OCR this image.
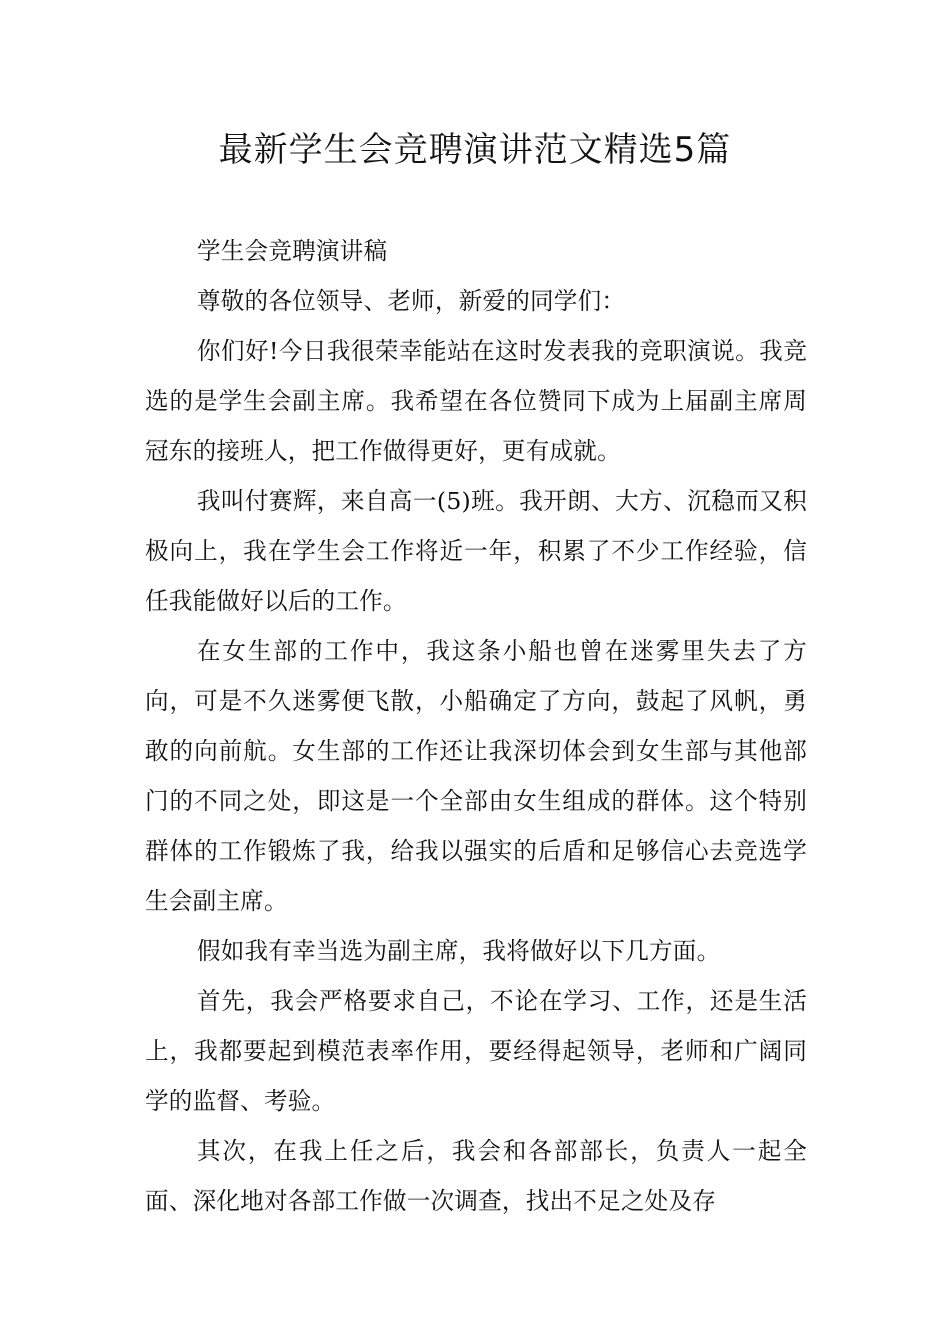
最新学生会竞聘演讲范文精选5篇

学生会竞聘演讲稿

尊敬的各位领导、老师，新爱的同学们：

你们好!今日我很荣幸能站在这时发表我的竞职演说。我竞选的是学生会副主席。我希望在各位赞同下成为上届副主席周冠东的接班人，把工作做得更好，更有成就。

我叫付赛辉，来自高一(5)班。我开朗、大方、沉稳而又积极向上，我在学生会工作将近一年，积累了不少工作经验，信任我能做好以后的工作。

在女生部的工作中，我这条小船也曾在迷雾里失去了方向，可是不久迷雾便飞散，小船确定了方向，鼓起了风帆，勇敢的向前航。女生部的工作还让我深切体会到女生部与其他部门的不同之处，即这是一个全部由女生组成的群体。这个特别群体的工作锻炼了我，给我以强实的后盾和足够信心去竞选学生会副主席。

假如我有幸当选为副主席，我将做好以下几方面。

首先，我会严格要求自己，不论在学习、工作，还是生活上，我都要起到模范表率作用，要经得起领导，老师和广阔同学的监督、考验。

其次，在我上任之后，我会和各部部长，负责人一起全面、深化地对各部工作做一次调查，找出不足之处及存
